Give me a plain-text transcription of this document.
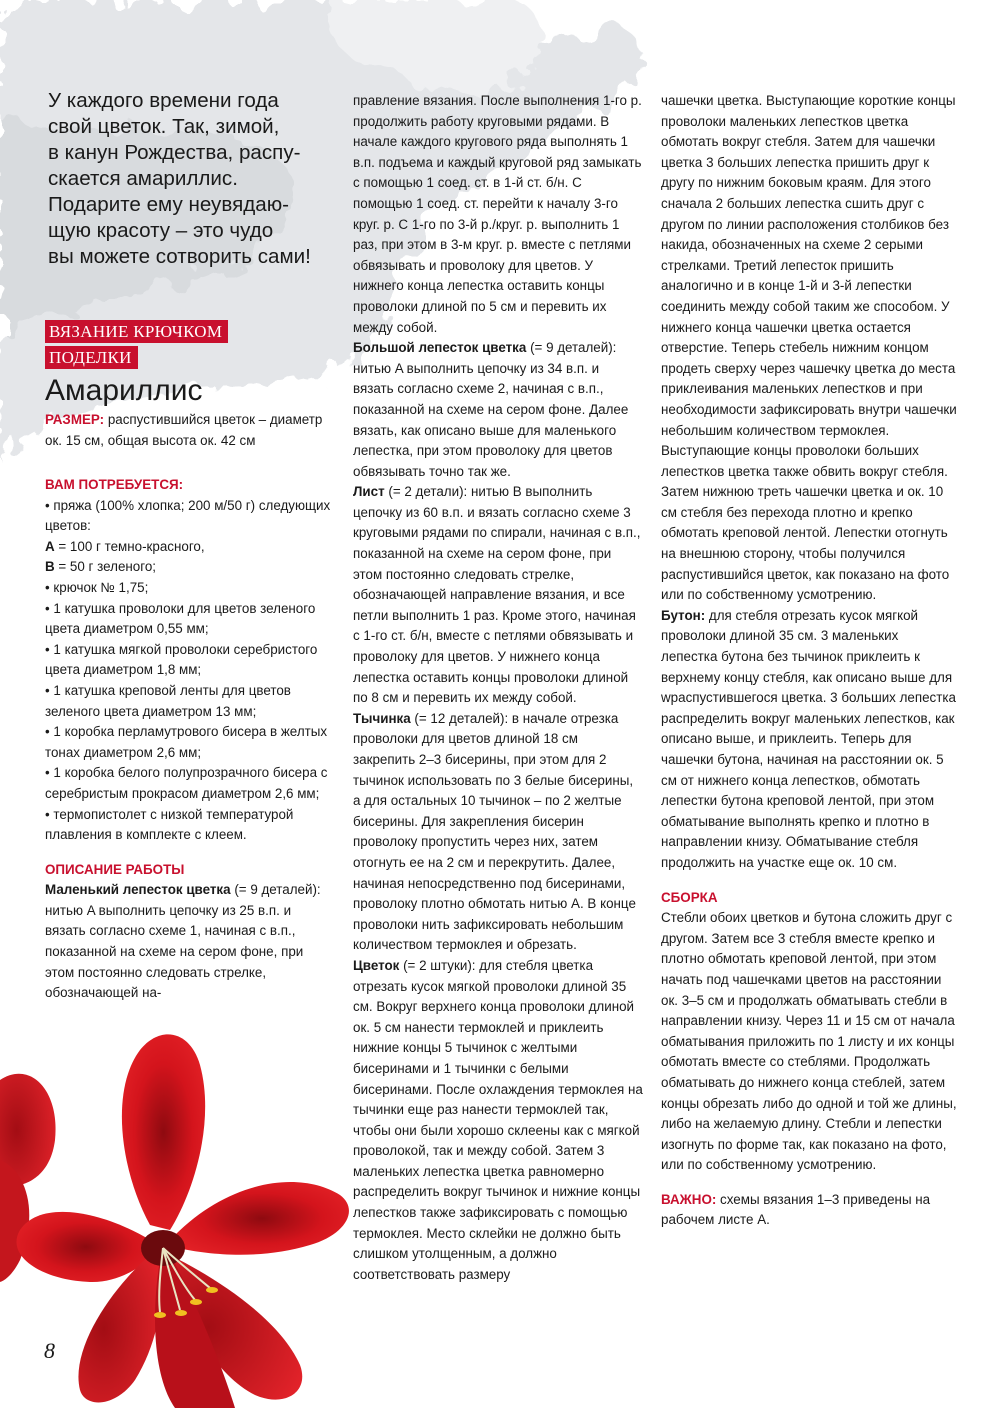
У каждого времени года

свой цветок. Так, зимой,

в канун Рождества, распу-

скается амариллис.

Подарите ему неувядаю-

щую красоту – это чудо

вы можете сотворить сами!

ВЯЗАНИЕ КРЮЧКОМ
ПОДЕЛКИ
Амариллис
РАЗМЕР: распустившийся цветок – диаметр ок. 15 см, общая высота ок. 42 см
ВАМ ПОТРЕБУЕТСЯ:

• пряжа (100% хлопка; 200 м/50 г) следующих цветов:

A = 100 г темно-красного,

B = 50 г зеленого;

• крючок № 1,75;

• 1 катушка проволоки для цветов зеленого цвета диаметром 0,55 мм;

• 1 катушка мягкой проволоки серебристого цвета диаметром 1,8 мм;

• 1 катушка креповой ленты для цветов зеленого цвета диаметром 13 мм;

• 1 коробка перламутрового бисера в желтых тонах диаметром 2,6 мм;

• 1 коробка белого полупрозрачного бисера с серебристым прокрасом диаметром 2,6 мм;

• термопистолет с низкой температурой плавления в комплекте с клеем.

ОПИСАНИЕ РАБОТЫ

Маленький лепесток цветка (= 9 деталей): нитью A выполнить цепочку из 25 в.п. и вязать согласно схеме 1, начиная с в.п., показанной на схеме на сером фоне, при этом постоянно следовать стрелке, обозначающей на-

правление вязания. После выполнения 1-го р. продолжить работу круговыми рядами. В начале каждого кругового ряда выполнять 1 в.п. подъема и каждый круговой ряд замыкать с помощью 1 соед. ст. в 1-й ст. б/н. С помощью 1 соед. ст. перейти к началу 3-го круг. р. С 1-го по 3-й р./круг. р. выполнить 1 раз, при этом в 3-м круг. р. вместе с петлями обвязывать и проволоку для цветов. У нижнего конца лепестка оставить концы проволоки длиной по 5 см и перевить их между собой.

Большой лепесток цветка (= 9 деталей): нитью A выполнить цепочку из 34 в.п. и вязать согласно схеме 2, начиная с в.п., показанной на схеме на сером фоне. Далее вязать, как описано выше для маленького лепестка, при этом проволоку для цветов обвязывать точно так же.

Лист (= 2 детали): нитью B выполнить цепочку из 60 в.п. и вязать согласно схеме 3 круговыми рядами по спирали, начиная с в.п., показанной на схеме на сером фоне, при этом постоянно следовать стрелке, обозначающей направление вязания, и все петли выполнить 1 раз. Кроме этого, начиная с 1-го ст. б/н, вместе с петлями обвязывать и проволоку для цветов. У нижнего конца лепестка оставить концы проволоки длиной по 8 см и перевить их между собой.

Тычинка (= 12 деталей): в начале отрезка проволоки для цветов длиной 18 см закрепить 2–3 бисерины, при этом для 2 тычинок использовать по 3 белые бисерины, а для остальных 10 тычинок – по 2 желтые бисерины. Для закрепления бисерин проволоку пропустить через них, затем отогнуть ее на 2 см и перекрутить. Далее, начиная непосредственно под бисеринами, проволоку плотно обмотать нитью A. В конце проволоки нить зафиксировать небольшим количеством термоклея и обрезать.

Цветок (= 2 штуки): для стебля цветка отрезать кусок мягкой проволоки длиной 35 см. Вокруг верхнего конца проволоки длиной ок. 5 см нанести термоклей и приклеить нижние концы 5 тычинок с желтыми бисеринами и 1 тычинки с белыми бисеринами. После охлаждения термоклея на тычинки еще раз нанести термоклей так, чтобы они были хорошо склеены как с мягкой проволокой, так и между собой. Затем 3 маленьких лепестка цветка равномерно распределить вокруг тычинок и нижние концы лепестков также зафиксировать с помощью термоклея. Место склейки не должно быть слишком утолщенным, а должно соответствовать размеру

чашечки цветка. Выступающие короткие концы проволоки маленьких лепестков цветка обмотать вокруг стебля. Затем для чашечки цветка 3 больших лепестка пришить друг к другу по нижним боковым краям. Для этого сначала 2 больших лепестка сшить друг с другом по линии расположения столбиков без накида, обозначенных на схеме 2 серыми стрелками. Третий лепесток пришить аналогично и в конце 1-й и 3-й лепестки соединить между собой таким же способом. У нижнего конца чашечки цветка остается отверстие. Теперь стебель нижним концом продеть сверху через чашечку цветка до места приклеивания маленьких лепестков и при необходимости зафиксировать внутри чашечки небольшим количеством термоклея. Выступающие концы проволоки больших лепестков цветка также обвить вокруг стебля. Затем нижнюю треть чашечки цветка и ок. 10 см стебля без перехода плотно и крепко обмотать креповой лентой. Лепестки отогнуть на внешнюю сторону, чтобы получился распустившийся цветок, как показано на фото или по собственному усмотрению.

Бутон: для стебля отрезать кусок мягкой проволоки длиной 35 см. 3 маленьких лепестка бутона без тычинок приклеить к верхнему концу стебля, как описано выше для wраспустившегося цветка. 3 больших лепестка распределить вокруг маленьких лепестков, как описано выше, и приклеить. Теперь для чашечки бутона, начиная на расстоянии ок. 5 см от нижнего конца лепестков, обмотать лепестки бутона креповой лентой, при этом обматывание выполнять крепко и плотно в направлении книзу. Обматывание стебля продолжить на участке еще ок. 10 см.

СБОРКА

Стебли обоих цветков и бутона сложить друг с другом. Затем все 3 стебля вместе крепко и плотно обмотать креповой лентой, при этом начать под чашечками цветов на расстоянии ок. 3–5 см и продолжать обматывать стебли в направлении книзу. Через 11 и 15 см от начала обматывания приложить по 1 листу и их концы обмотать вместе со стеблями. Продолжать обматывать до нижнего конца стеблей, затем концы обрезать либо до одной и той же длины, либо на желаемую длину. Стебли и лепестки изогнуть по форме так, как показано на фото, или по собственному усмотрению.

ВАЖНО: схемы вязания 1–3 приведены на рабочем листе A.

8
